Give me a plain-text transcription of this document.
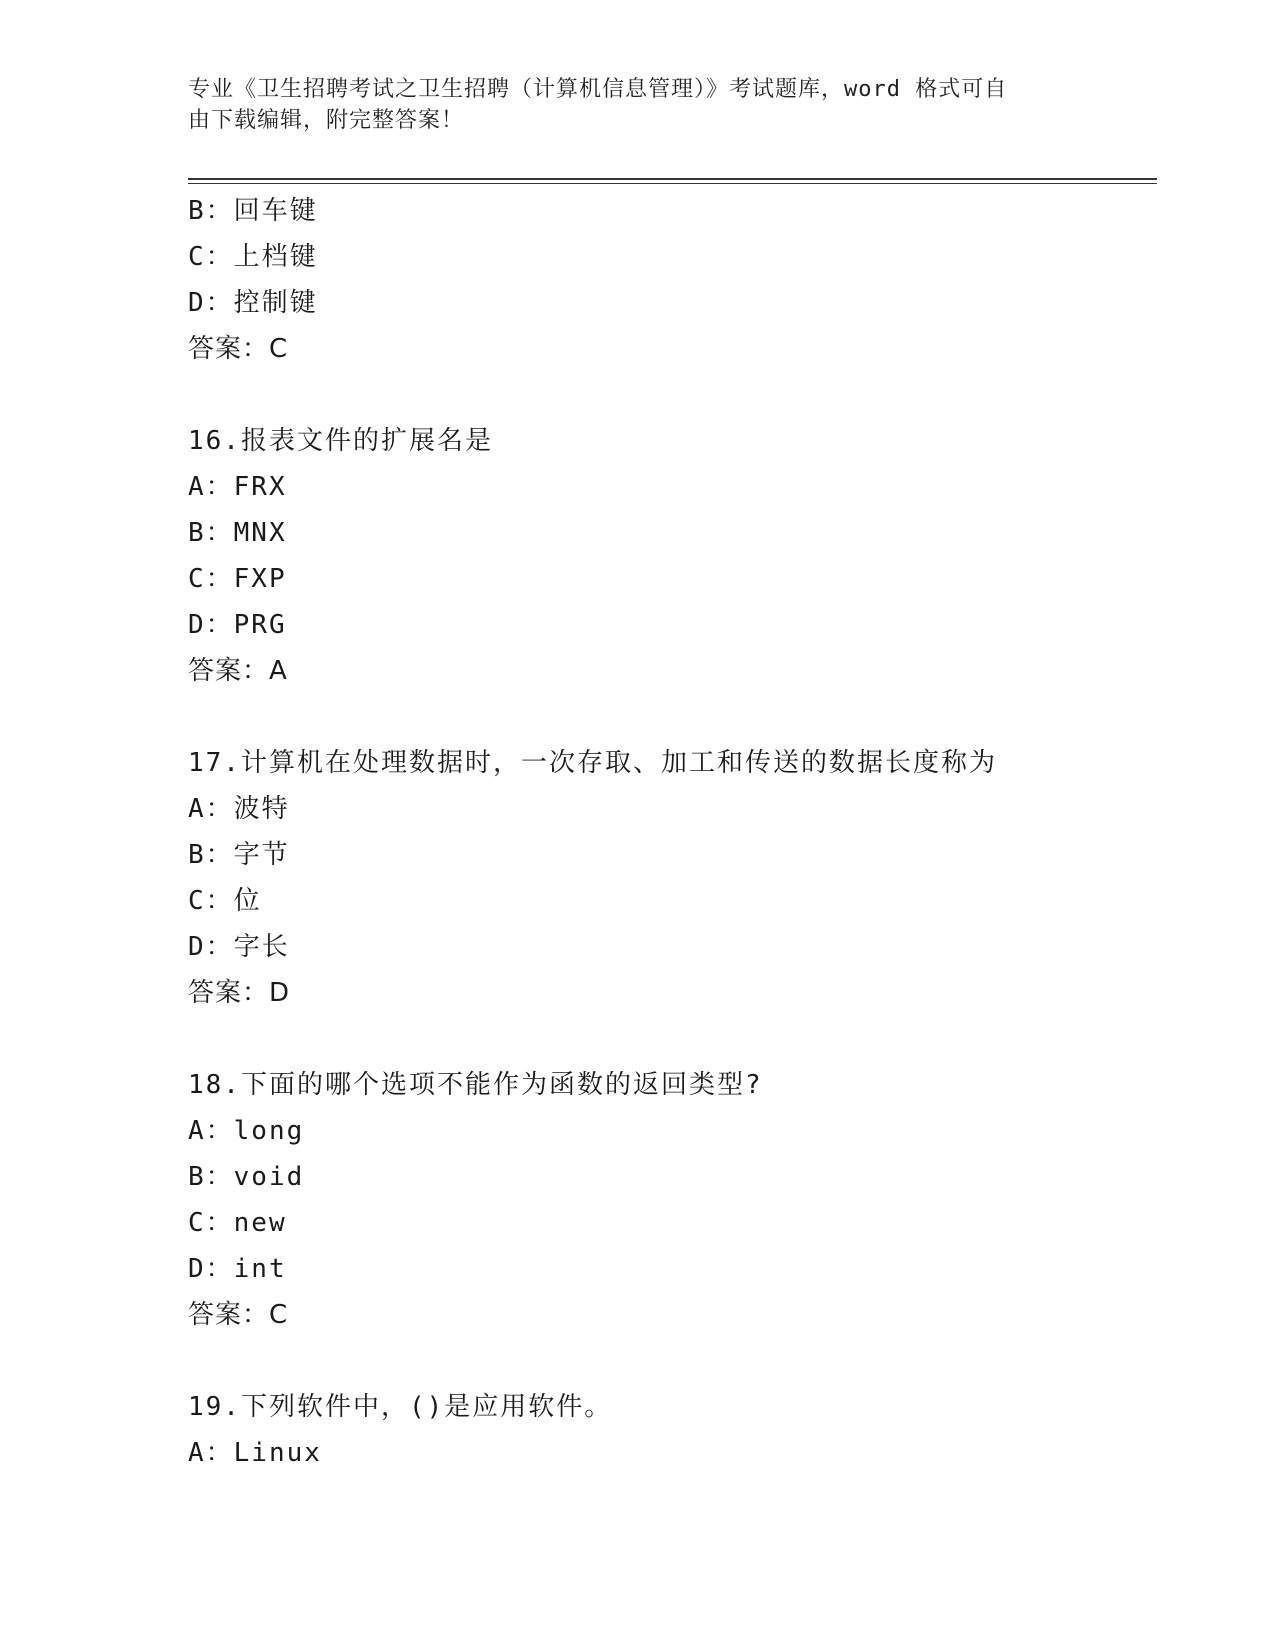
专业《卫生招聘考试之卫生招聘（计算机信息管理）》考试题库，word 格式可自
由下载编辑，附完整答案！
B：回车键
C：上档键
D：控制键
答案：C
16.报表文件的扩展名是
A：FRX
B：MNX
C：FXP
D：PRG
答案：A
17.计算机在处理数据时，一次存取、加工和传送的数据长度称为
A：波特
B：字节
C：位
D：字长
答案：D
18.下面的哪个选项不能作为函数的返回类型?
A：long
B：void
C：new
D：int
答案：C
19.下列软件中，()是应用软件。
A：Linux
